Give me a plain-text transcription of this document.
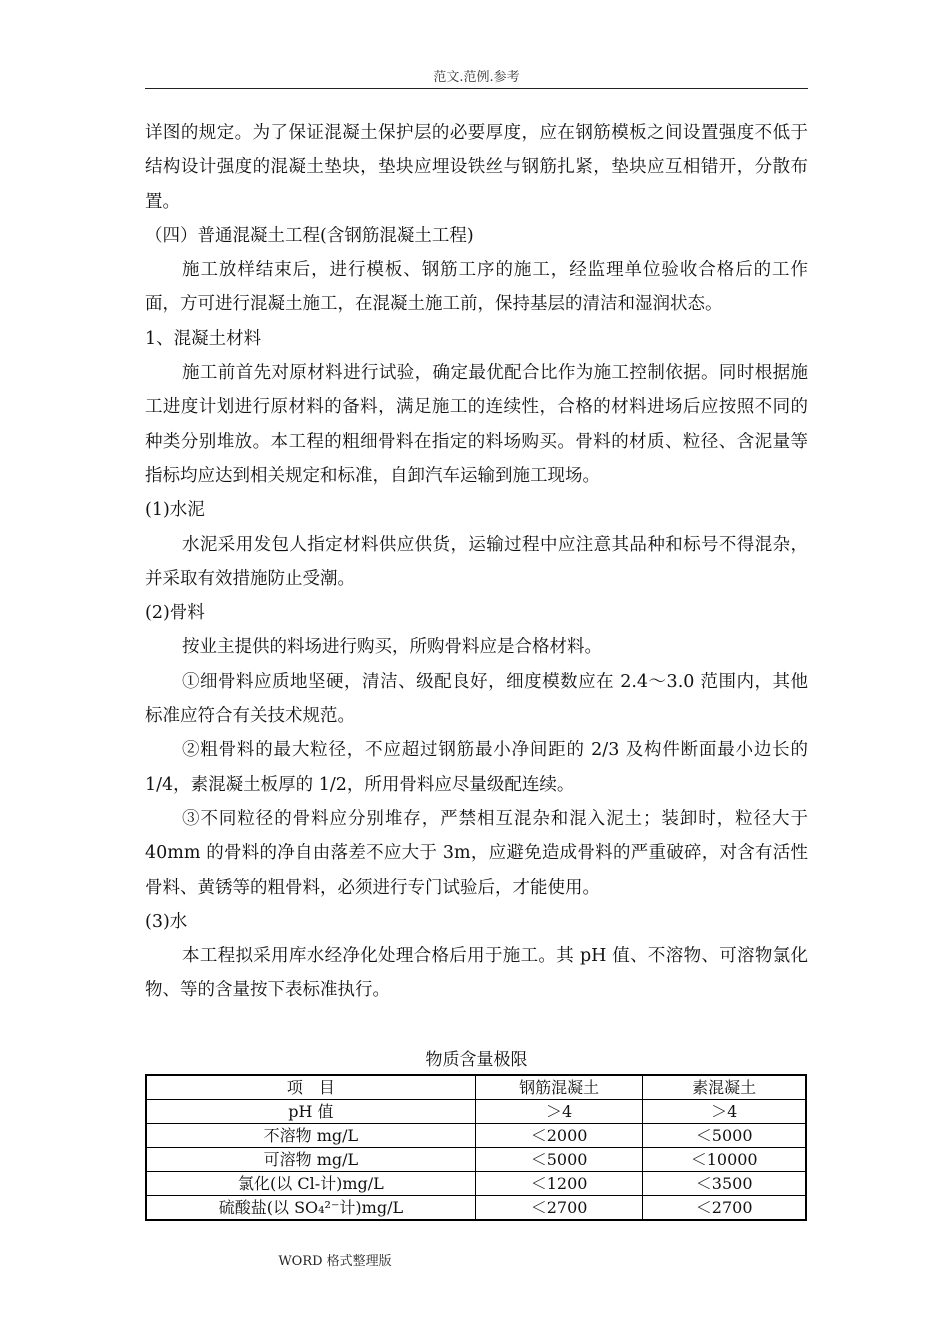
范文.范例.参考

详图的规定。为了保证混凝土保护层的必要厚度，应在钢筋模板之间设置强度不低于结构设计强度的混凝土垫块，垫块应埋设铁丝与钢筋扎紧，垫块应互相错开，分散布置。

（四）普通混凝土工程(含钢筋混凝土工程)

施工放样结束后，进行模板、钢筋工序的施工，经监理单位验收合格后的工作面，方可进行混凝土施工，在混凝土施工前，保持基层的清洁和湿润状态。

1、混凝土材料

施工前首先对原材料进行试验，确定最优配合比作为施工控制依据。同时根据施工进度计划进行原材料的备料，满足施工的连续性，合格的材料进场后应按照不同的种类分别堆放。本工程的粗细骨料在指定的料场购买。骨料的材质、粒径、含泥量等指标均应达到相关规定和标准，自卸汽车运输到施工现场。

(1)水泥

水泥采用发包人指定材料供应供货，运输过程中应注意其品种和标号不得混杂，并采取有效措施防止受潮。

(2)骨料

按业主提供的料场进行购买，所购骨料应是合格材料。

①细骨料应质地坚硬，清洁、级配良好，细度模数应在 2.4～3.0 范围内，其他标准应符合有关技术规范。

②粗骨料的最大粒径，不应超过钢筋最小净间距的 2/3 及构件断面最小边长的 1/4，素混凝土板厚的 1/2，所用骨料应尽量级配连续。

③不同粒径的骨料应分别堆存，严禁相互混杂和混入泥土；装卸时，粒径大于 40mm 的骨料的净自由落差不应大于 3m，应避免造成骨料的严重破碎，对含有活性骨料、黄锈等的粗骨料，必须进行专门试验后，才能使用。

(3)水

本工程拟采用库水经净化处理合格后用于施工。其 pH 值、不溶物、可溶物氯化物、等的含量按下表标准执行。

物质含量极限
项　目	钢筋混凝土	素混凝土
pH 值	＞4	＞4
不溶物 mg/L	＜2000	＜5000
可溶物 mg/L	＜5000	＜10000
氯化(以 Cl-计)mg/L	＜1200	＜3500
硫酸盐(以 SO₄²⁻计)mg/L	＜2700	＜2700
WORD 格式整理版
